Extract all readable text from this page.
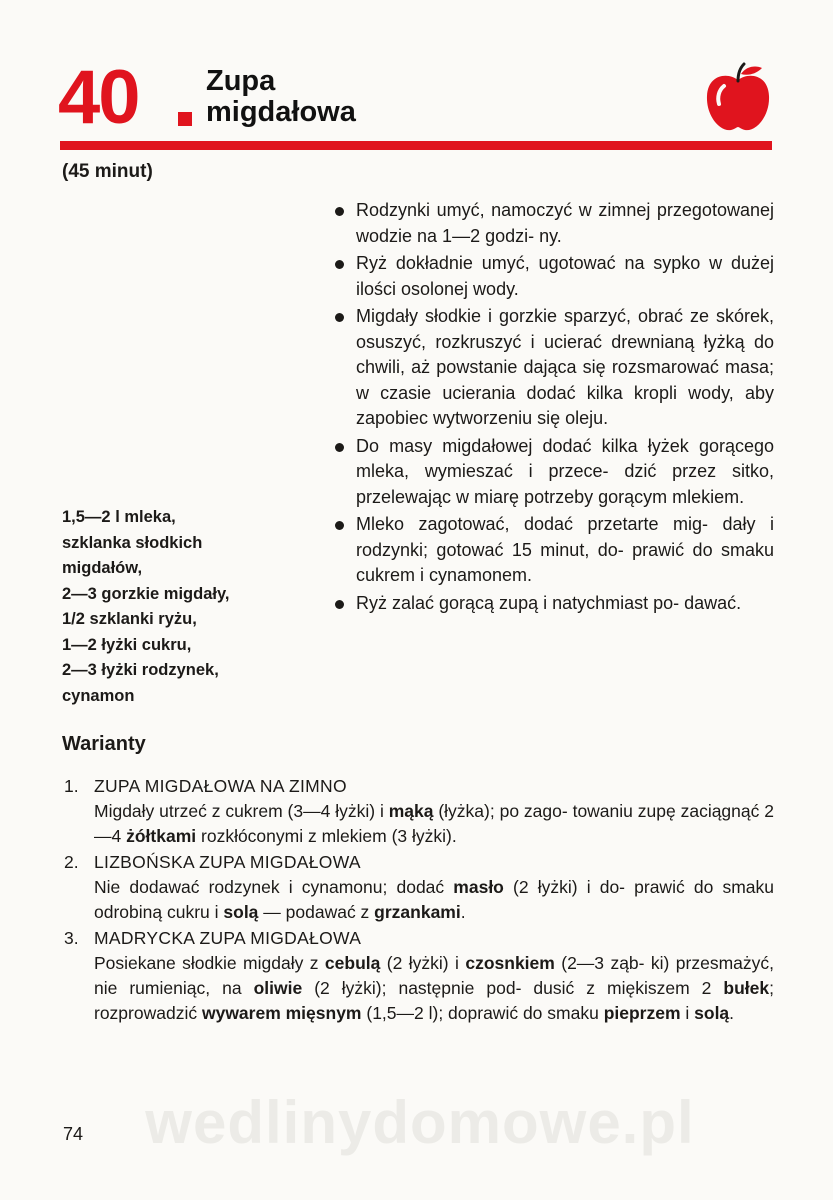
40 Zupa
migdałowa
(45 minut)
1,5—2 l mleka,
szklanka słodkich
migdałów,
2—3 gorzkie migdały,
1/2 szklanki ryżu,
1—2 łyżki cukru,
2—3 łyżki rodzynek,
cynamon
Rodzynki umyć, namoczyć w zimnej przegotowanej wodzie na 1—2 godzi- ny.
Ryż dokładnie umyć, ugotować na sypko w dużej ilości osolonej wody.
Migdały słodkie i gorzkie sparzyć, obrać ze skórek, osuszyć, rozkruszyć i ucierać drewnianą łyżką do chwili, aż powstanie dająca się rozsmarować masa; w czasie ucierania dodać kilka kropli wody, aby zapobiec wytworzeniu się oleju.
Do masy migdałowej dodać kilka łyżek gorącego mleka, wymieszać i przece- dzić przez sitko, przelewając w miarę potrzeby gorącym mlekiem.
Mleko zagotować, dodać przetarte mig- dały i rodzynki; gotować 15 minut, do- prawić do smaku cukrem i cynamonem.
Ryż zalać gorącą zupą i natychmiast po- dawać.
Warianty
1. ZUPA MIGDAŁOWA NA ZIMNO
Migdały utrzeć z cukrem (3—4 łyżki) i mąką (łyżka); po zago- towaniu zupę zaciągnąć 2—4 żółtkami rozkłóconymi z mlekiem (3 łyżki).
2. LIZBOŃSKA ZUPA MIGDAŁOWA
Nie dodawać rodzynek i cynamonu; dodać masło (2 łyżki) i do- prawić do smaku odrobiną cukru i solą — podawać z grzankami.
3. MADRYCKA ZUPA MIGDAŁOWA
Posiekane słodkie migdały z cebulą (2 łyżki) i czosnkiem (2—3 ząb- ki) przesmażyć, nie rumieniąc, na oliwie (2 łyżki); następnie pod- dusić z miękiszem 2 bułek; rozprowadzić wywarem mięsnym (1,5—2 l); doprawić do smaku pieprzem i solą.
wedlinydomowe.pl
74
